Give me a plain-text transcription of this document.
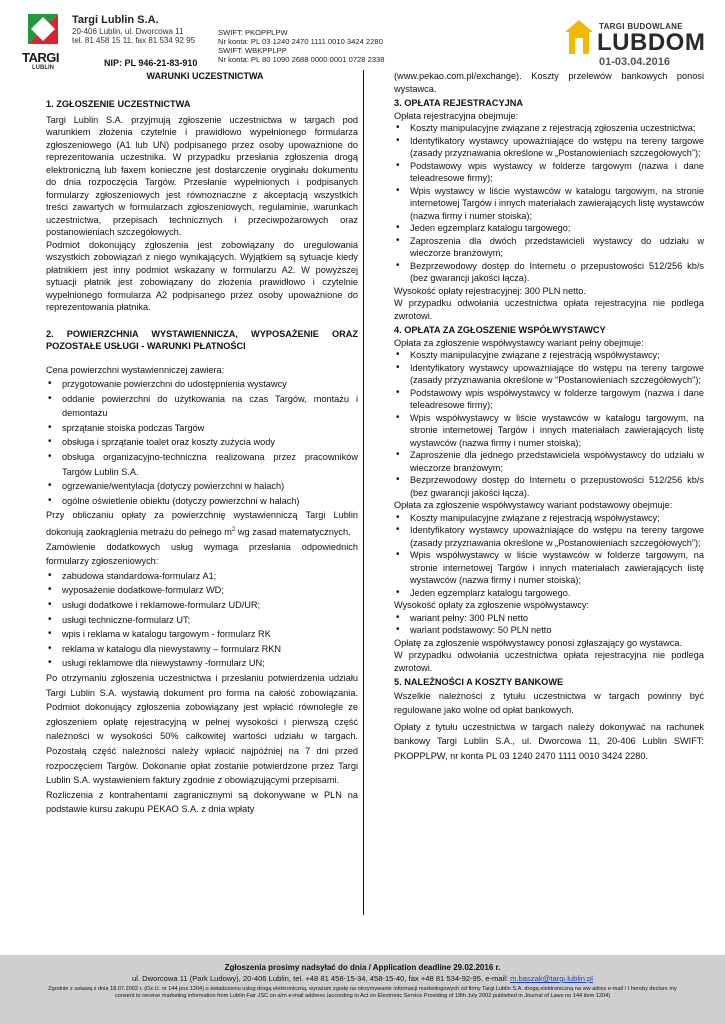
TARGI
LUBLIN
Targi Lublin S.A.
20-406 Lublin, ul. Dworcowa 11
tel. 81 458 15 11, fax 81 534 92 95
NIP: PL 946-21-83-910
SWIFT: PKOPPLPW
Nr konta: PL 03 1240 2470 1111 0010 3424 2280
SWIFT: WBKPPLPP
Nr konta: PL 80 1090 2688 0000 0001 0728 2338
TARGI BUDOWLANE
LUBDOM
01-03.04.2016
WARUNKI UCZESTNICTWA

1. ZGŁOSZENIE UCZESTNICTWA

Targi Lublin S.A. przyjmują zgłoszenie uczestnictwa w targach pod warunkiem złożenia czytelnie i prawidłowo wypełnionego formularza zgłoszeniowego (A1 lub UN) podpisanego przez osoby upoważnione do reprezentowania uczestnika. W przypadku przesłania zgłoszenia drogą elektroniczną lub faxem konieczne jest dostarczenie oryginału dokumentu do dnia rozpoczęcia Targów. Przesłanie wypełnionych i podpisanych formularzy zgłoszeniowych jest równoznaczne z akceptacją wszystkich treści zawartych w formularzach zgłoszeniowych, regulaminie, warunkach uczestnictwa, przepisach technicznych i przeciwpożarowych oraz postanowieniach szczegółowych.

Podmiot dokonujący zgłoszenia jest zobowiązany do uregulowania wszystkich zobowiązań z niego wynikających. Wyjątkiem są sytuacje kiedy płatnikiem jest inny podmiot wskazany w formularzu A2. W powyższej sytuacji płatnik jest zobowiązany do złożenia prawidłowo i czytelnie wypełnionego formularza A2 podpisanego przez osoby upoważnione do reprezentowania płatnika.

2. POWIERZCHNIA WYSTAWIENNICZA, WYPOSAŻENIE ORAZ POZOSTAŁE USŁUGI - WARUNKI PŁATNOŚCI

Cena powierzchni wystawienniczej zawiera:

• przygotowanie powierzchni do udostępnienia wystawcy
• oddanie powierzchni do użytkowania na czas Targów, montażu i demontażu
• sprzątanie stoiska podczas Targów
• obsługa i sprzątanie toalet oraz koszty zużycia wody
• obsługa organizacyjno-techniczna realizowana przez pracowników Targów Lublin S.A.
• ogrzewanie/wentylacja (dotyczy powierzchni w halach)
• ogólne oświetlenie obiektu (dotyczy powierzchni w halach)

Przy obliczaniu opłaty za powierzchnię wystawienniczą Targi Lublin dokonują zaokrąglenia metrażu do pełnego $m^2$ wg zasad matematycznych.

Zamówienie dodatkowych usług wymaga przesłania odpowiednich formularzy zgłoszeniowych:

• zabudowa standardowa-formularz A1;
• wyposażenie dodatkowe-formularz WD;
• usługi dodatkowe i reklamowe-formularz UD/UR;
• usługi techniczne-formularz UT;
• wpis i reklama w katalogu targowym - formularz RK
• reklama w katalogu dla niewystawny – formularz RKN
• usługi reklamowe dla niewystawny -formularz UN;

Po otrzymaniu zgłoszenia uczestnictwa i przesłaniu potwierdzenia udziału Targi Lublin S.A. wystawią dokument pro forma na całość zobowiązania. Podmiot dokonujący zgłoszenia zobowiązany jest wpłacić równolegle ze zgłoszeniem opłatę rejestracyjną w pełnej wysokości i pierwszą część należności w wysokości 50% całkowitej wartości udziału w targach. Pozostałą część należności należy wpłacić najpóźniej na 7 dni przed rozpoczęciem Targów. Dokonanie opłat zostanie potwierdzone przez Targi Lublin S.A. wystawieniem faktury zgodnie z obowiązującymi przepisami.

Rozliczenia z kontrahentami zagranicznymi są dokonywane w PLN na podstawie kursu zakupu PEKAO S.A. z dnia wpłaty

(www.pekao.com.pl/exchange). Koszty przelewów bankowych ponosi wystawca.

3. OPŁATA REJESTRACYJNA

Opłata rejestracyjna obejmuje:

• Koszty manipulacyjne związane z rejestracją zgłoszenia uczestnictwa;
• Identyfikatory wystawcy upoważniające do wstępu na tereny targowe (zasady przyznawania określone w „Postanowieniach szczegółowych”);
• Podstawowy wpis wystawcy w folderze targowym (nazwa i dane teleadresowe firmy);
• Wpis wystawcy w liście wystawców w katalogu targowym, na stronie internetowej Targów i innych materiałach zawierających listę wystawców (nazwa firmy i numer stoiska);
• Jeden egzemplarz katalogu targowego;
• Zaproszenia dla dwóch przedstawicieli wystawcy do udziału w wieczorze branżowym;
• Bezprzewodowy dostęp do Internetu o przepustowości 512/256 kb/s (bez gwarancji jakości łącza).

Wysokość opłaty rejestracyjnej: 300 PLN netto.

W przypadku odwołania uczestnictwa opłata rejestracyjna nie podlega zwrotowi.

4. OPŁATA ZA ZGŁOSZENIE WSPÓŁWYSTAWCY

Opłata za zgłoszenie współwystawcy wariant pełny obejmuje:

• Koszty manipulacyjne związane z rejestracją współwystawcy;
• Identyfikatory wystawcy upoważniające do wstępu na tereny targowe (zasady przyznawania określone w "Postanowieniach szczegółowych");
• Podstawowy wpis współwystawcy w folderze targowym (nazwa i dane teleadresowe firmy);
• Wpis współwystawcy w liście wystawców w katalogu targowym, na stronie internetowej Targów i innych materiałach zawierających listę wystawców (nazwa firmy i numer stoiska);
• Zaproszenie dla jednego przedstawiciela współwystawcy do udziału w wieczorze branżowym;
• Bezprzewodowy dostęp do Internetu o przepustowości 512/256 kb/s (bez gwarancji jakości łącza).

Opłata za zgłoszenie współwystawcy wariant podstawowy obejmuje:

• Koszty manipulacyjne związane z rejestracją współwystawcy;
• Identyfikatory wystawcy upoważniające do wstępu na tereny targowe (zasady przyznawania określone w „Postanowieniach szczegółowych”);
• Wpis współwystawcy w liście wystawców w folderze targowym, na stronie internetowej Targów i innych materiałach zawierających listę wystawców (nazwa firmy i numer stoiska);
• Jeden egzemplarz katalogu targowego.

Wysokość opłaty za zgłoszenie współwystawcy:

• wariant pełny: 300 PLN netto
• wariant podstawowy: 50 PLN netto

Opłatę za zgłoszenie współwystawcy ponosi zgłaszający go wystawca.

W przypadku odwołania uczestnictwa opłata rejestracyjna nie podlega zwrotowi.

5. NALEŻNOŚCI A KOSZTY BANKOWE

Wszelkie należności z tytułu uczestnictwa w targach powinny być regulowane jako wolne od opłat bankowych.

Opłaty z tytułu uczestnictwa w targach należy dokonywać na rachunek bankowy Targi Lublin S.A., ul. Dworcowa 11, 20-406 Lublin SWIFT: PKOPPLPW, nr konta PL 03 1240 2470 1111 0010 3424 2280.

Zgłoszenia prosimy nadsyłać do dnia / Application deadline 29.02.2016 r.
ul. Dworcowa 11 (Park Ludowy), 20-406 Lublin, tel. +48 81 458-15-34, 458-15-40, fax +48 81 534-92-95, e-mail: m.baszak@targi.lublin.pl
Zgodnie z ustawą z dnia 18.07.2002 r. (Dz.U. nr 144 poz.1204) o świadczeniu usług drogą elektroniczną, wyrażam zgodę na otrzymywanie informacji marketingowych od firmy Targi Lublin S.A. drogą elektroniczną na ww adres e-mail / I hereby declare my
consent to receive marketing information from Lublin Fair JSC on a/m e-mail address (according to Act on Electronic Service Providing of 18th July 2002 published in Journal of Laws no 144 item 1204)
